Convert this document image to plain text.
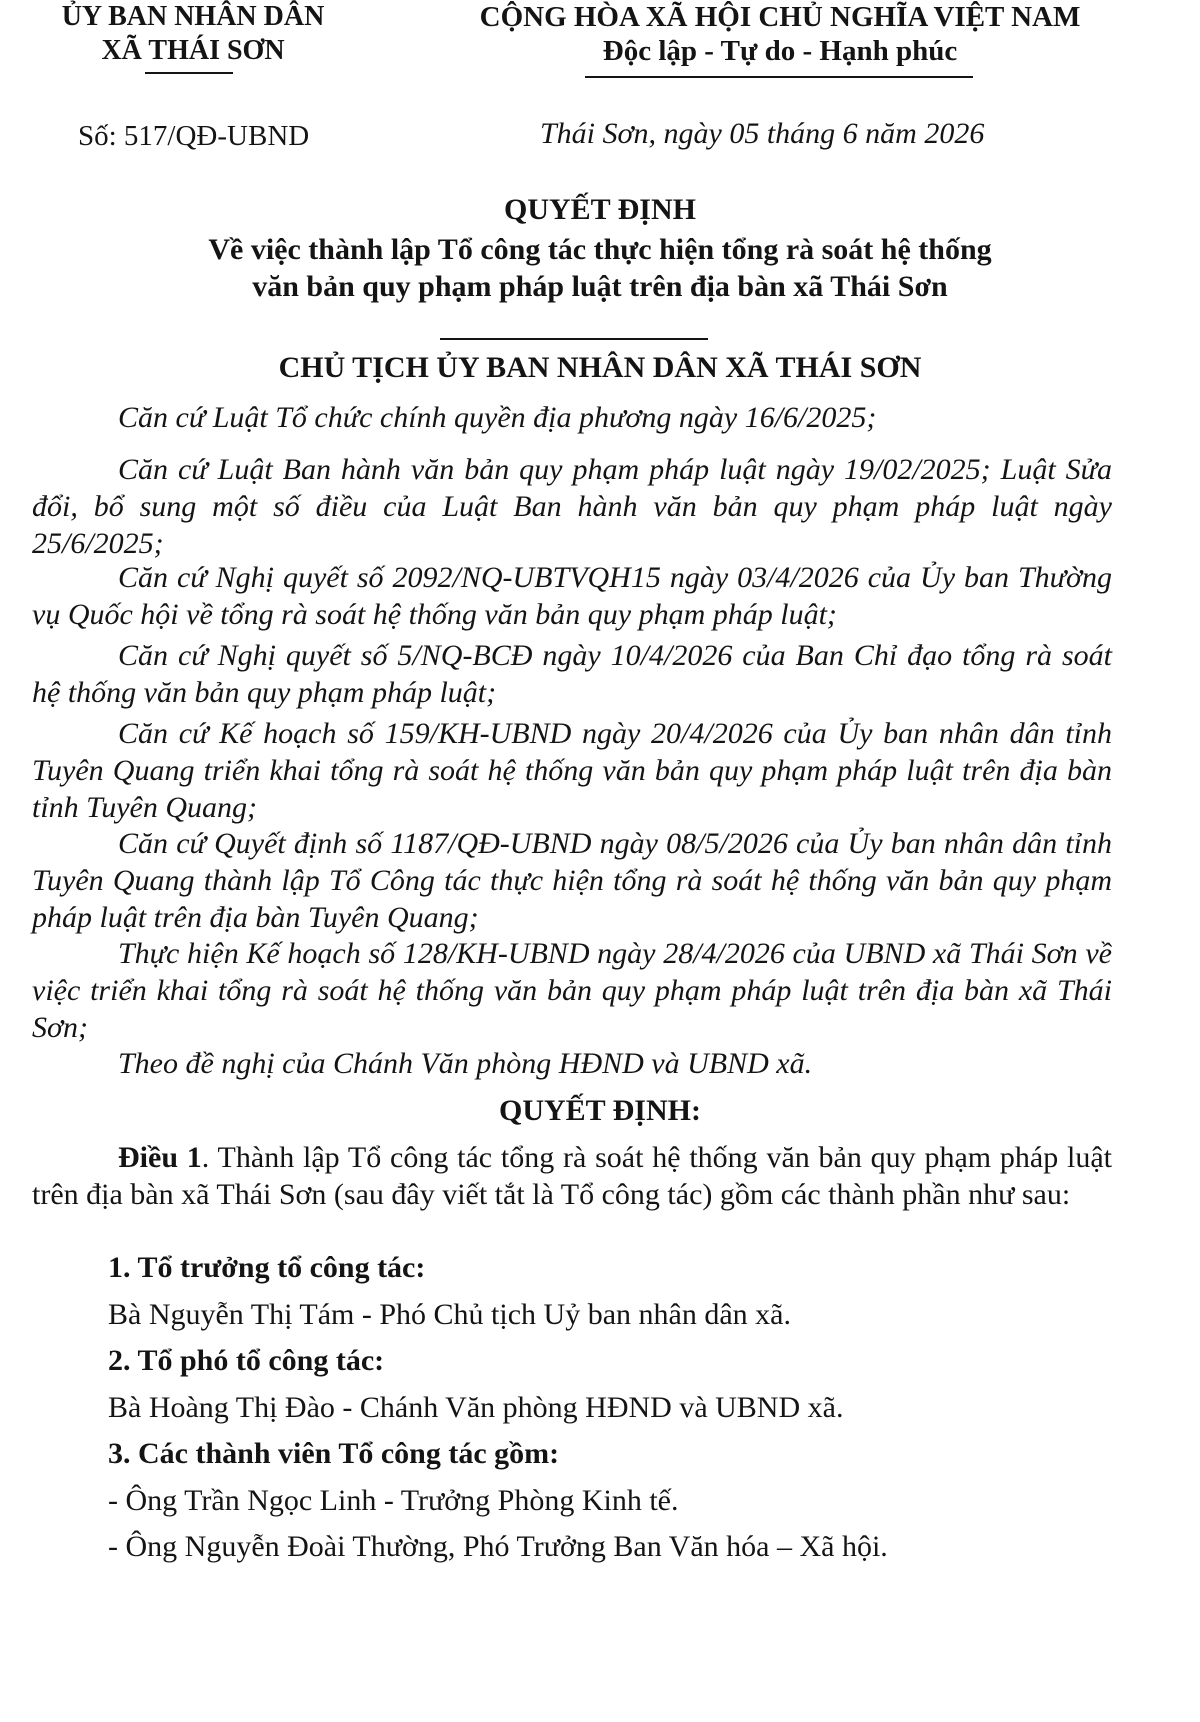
ỦY BAN NHÂN DÂN
XÃ THÁI SƠN
CỘNG HÒA XÃ HỘI CHỦ NGHĨA VIỆT NAM
Độc lập - Tự do - Hạnh phúc
Số: 517/QĐ-UBND	Thái Sơn, ngày 05 tháng 6 năm 2026
QUYẾT ĐỊNH
Về việc thành lập Tổ công tác thực hiện tổng rà soát hệ thống
văn bản quy phạm pháp luật trên địa bàn xã Thái Sơn
CHỦ TỊCH ỦY BAN NHÂN DÂN XÃ THÁI SƠN
Căn cứ Luật Tổ chức chính quyền địa phương ngày 16/6/2025;
Căn cứ Luật Ban hành văn bản quy phạm pháp luật ngày 19/02/2025; Luật Sửa đổi, bổ sung một số điều của Luật Ban hành văn bản quy phạm pháp luật ngày 25/6/2025;
Căn cứ Nghị quyết số 2092/NQ-UBTVQH15 ngày 03/4/2026 của Ủy ban Thường vụ Quốc hội về tổng rà soát hệ thống văn bản quy phạm pháp luật;
Căn cứ Nghị quyết số 5/NQ-BCĐ ngày 10/4/2026 của Ban Chỉ đạo tổng rà soát hệ thống văn bản quy phạm pháp luật;
Căn cứ Kế hoạch số 159/KH-UBND ngày 20/4/2026 của Ủy ban nhân dân tỉnh Tuyên Quang triển khai tổng rà soát hệ thống văn bản quy phạm pháp luật trên địa bàn tỉnh Tuyên Quang;
Căn cứ Quyết định số 1187/QĐ-UBND ngày 08/5/2026 của Ủy ban nhân dân tỉnh Tuyên Quang thành lập Tổ Công tác thực hiện tổng rà soát hệ thống văn bản quy phạm pháp luật trên địa bàn Tuyên Quang;
Thực hiện Kế hoạch số 128/KH-UBND ngày 28/4/2026 của UBND xã Thái Sơn về việc triển khai tổng rà soát hệ thống văn bản quy phạm pháp luật trên địa bàn xã Thái Sơn;
Theo đề nghị của Chánh Văn phòng HĐND và UBND xã.
QUYẾT ĐỊNH:
Điều 1. Thành lập Tổ công tác tổng rà soát hệ thống văn bản quy phạm pháp luật trên địa bàn xã Thái Sơn (sau đây viết tắt là Tổ công tác) gồm các thành phần như sau:
1. Tổ trưởng tổ công tác:
Bà Nguyễn Thị Tám - Phó Chủ tịch Uỷ ban nhân dân xã.
2. Tổ phó tổ công tác:
Bà Hoàng Thị Đào - Chánh Văn phòng HĐND và UBND xã.
3. Các thành viên Tổ công tác gồm:
- Ông Trần Ngọc Linh - Trưởng Phòng Kinh tế.
- Ông Nguyễn Đoài Thường, Phó Trưởng Ban Văn hóa – Xã hội.
